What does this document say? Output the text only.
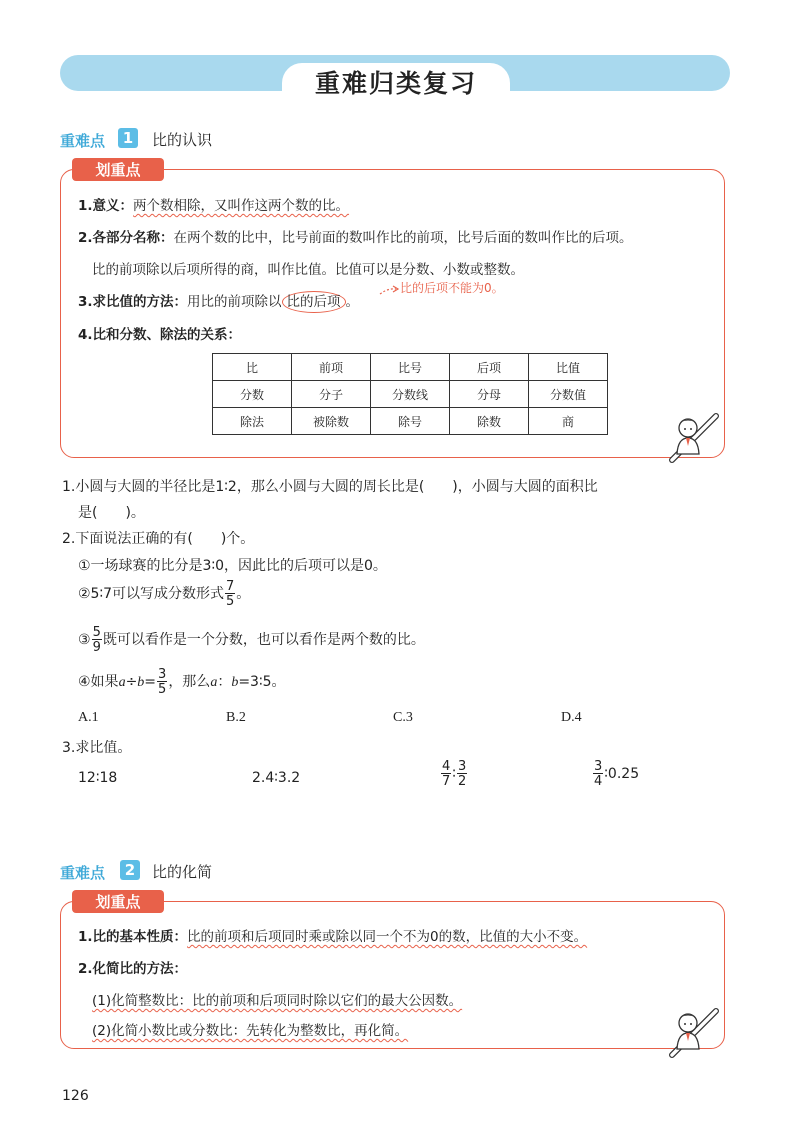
重难归类复习
重难点	1	比的认识
划重点
1.意义：两个数相除，又叫作这两个数的比。
2.各部分名称：在两个数的比中，比号前面的数叫作比的前项，比号后面的数叫作比的后项。
比的前项除以后项所得的商，叫作比值。比值可以是分数、小数或整数。
3.求比值的方法：用比的前项除以 比的后项 。
比的后项不能为0。
4.比和分数、除法的关系：
比	前项	比号	后项	比值
分数	分子	分数线	分母	分数值
除法	被除数	除号	除数	商
1.小圆与大圆的半径比是1∶2，那么小圆与大圆的周长比是(　　)，小圆与大圆的面积比
是(　　)。
2.下面说法正确的有(　　)个。
①一场球赛的比分是3∶0，因此比的后项可以是0。
②5∶7可以写成分数形式 $\frac{7}{5}$ 。
③ $\frac{5}{9}$ 既可以看作是一个分数，也可以看作是两个数的比。
④如果$a\div b= \frac{3}{5}$ ，那么a：b=3∶5。
A.1	B.2	C.3	D.4
3.求比值。
12∶18	2.4∶3.2	$\frac{4}{7}$ ∶ $\frac{3}{2}$	$\frac{3}{4}$ ∶0.25
重难点	2	比的化简
划重点
1.比的基本性质：比的前项和后项同时乘或除以同一个不为0的数，比值的大小不变。
2.化简比的方法：
(1)化简整数比：比的前项和后项同时除以它们的最大公因数。
(2)化简小数比或分数比：先转化为整数比，再化简。
126
